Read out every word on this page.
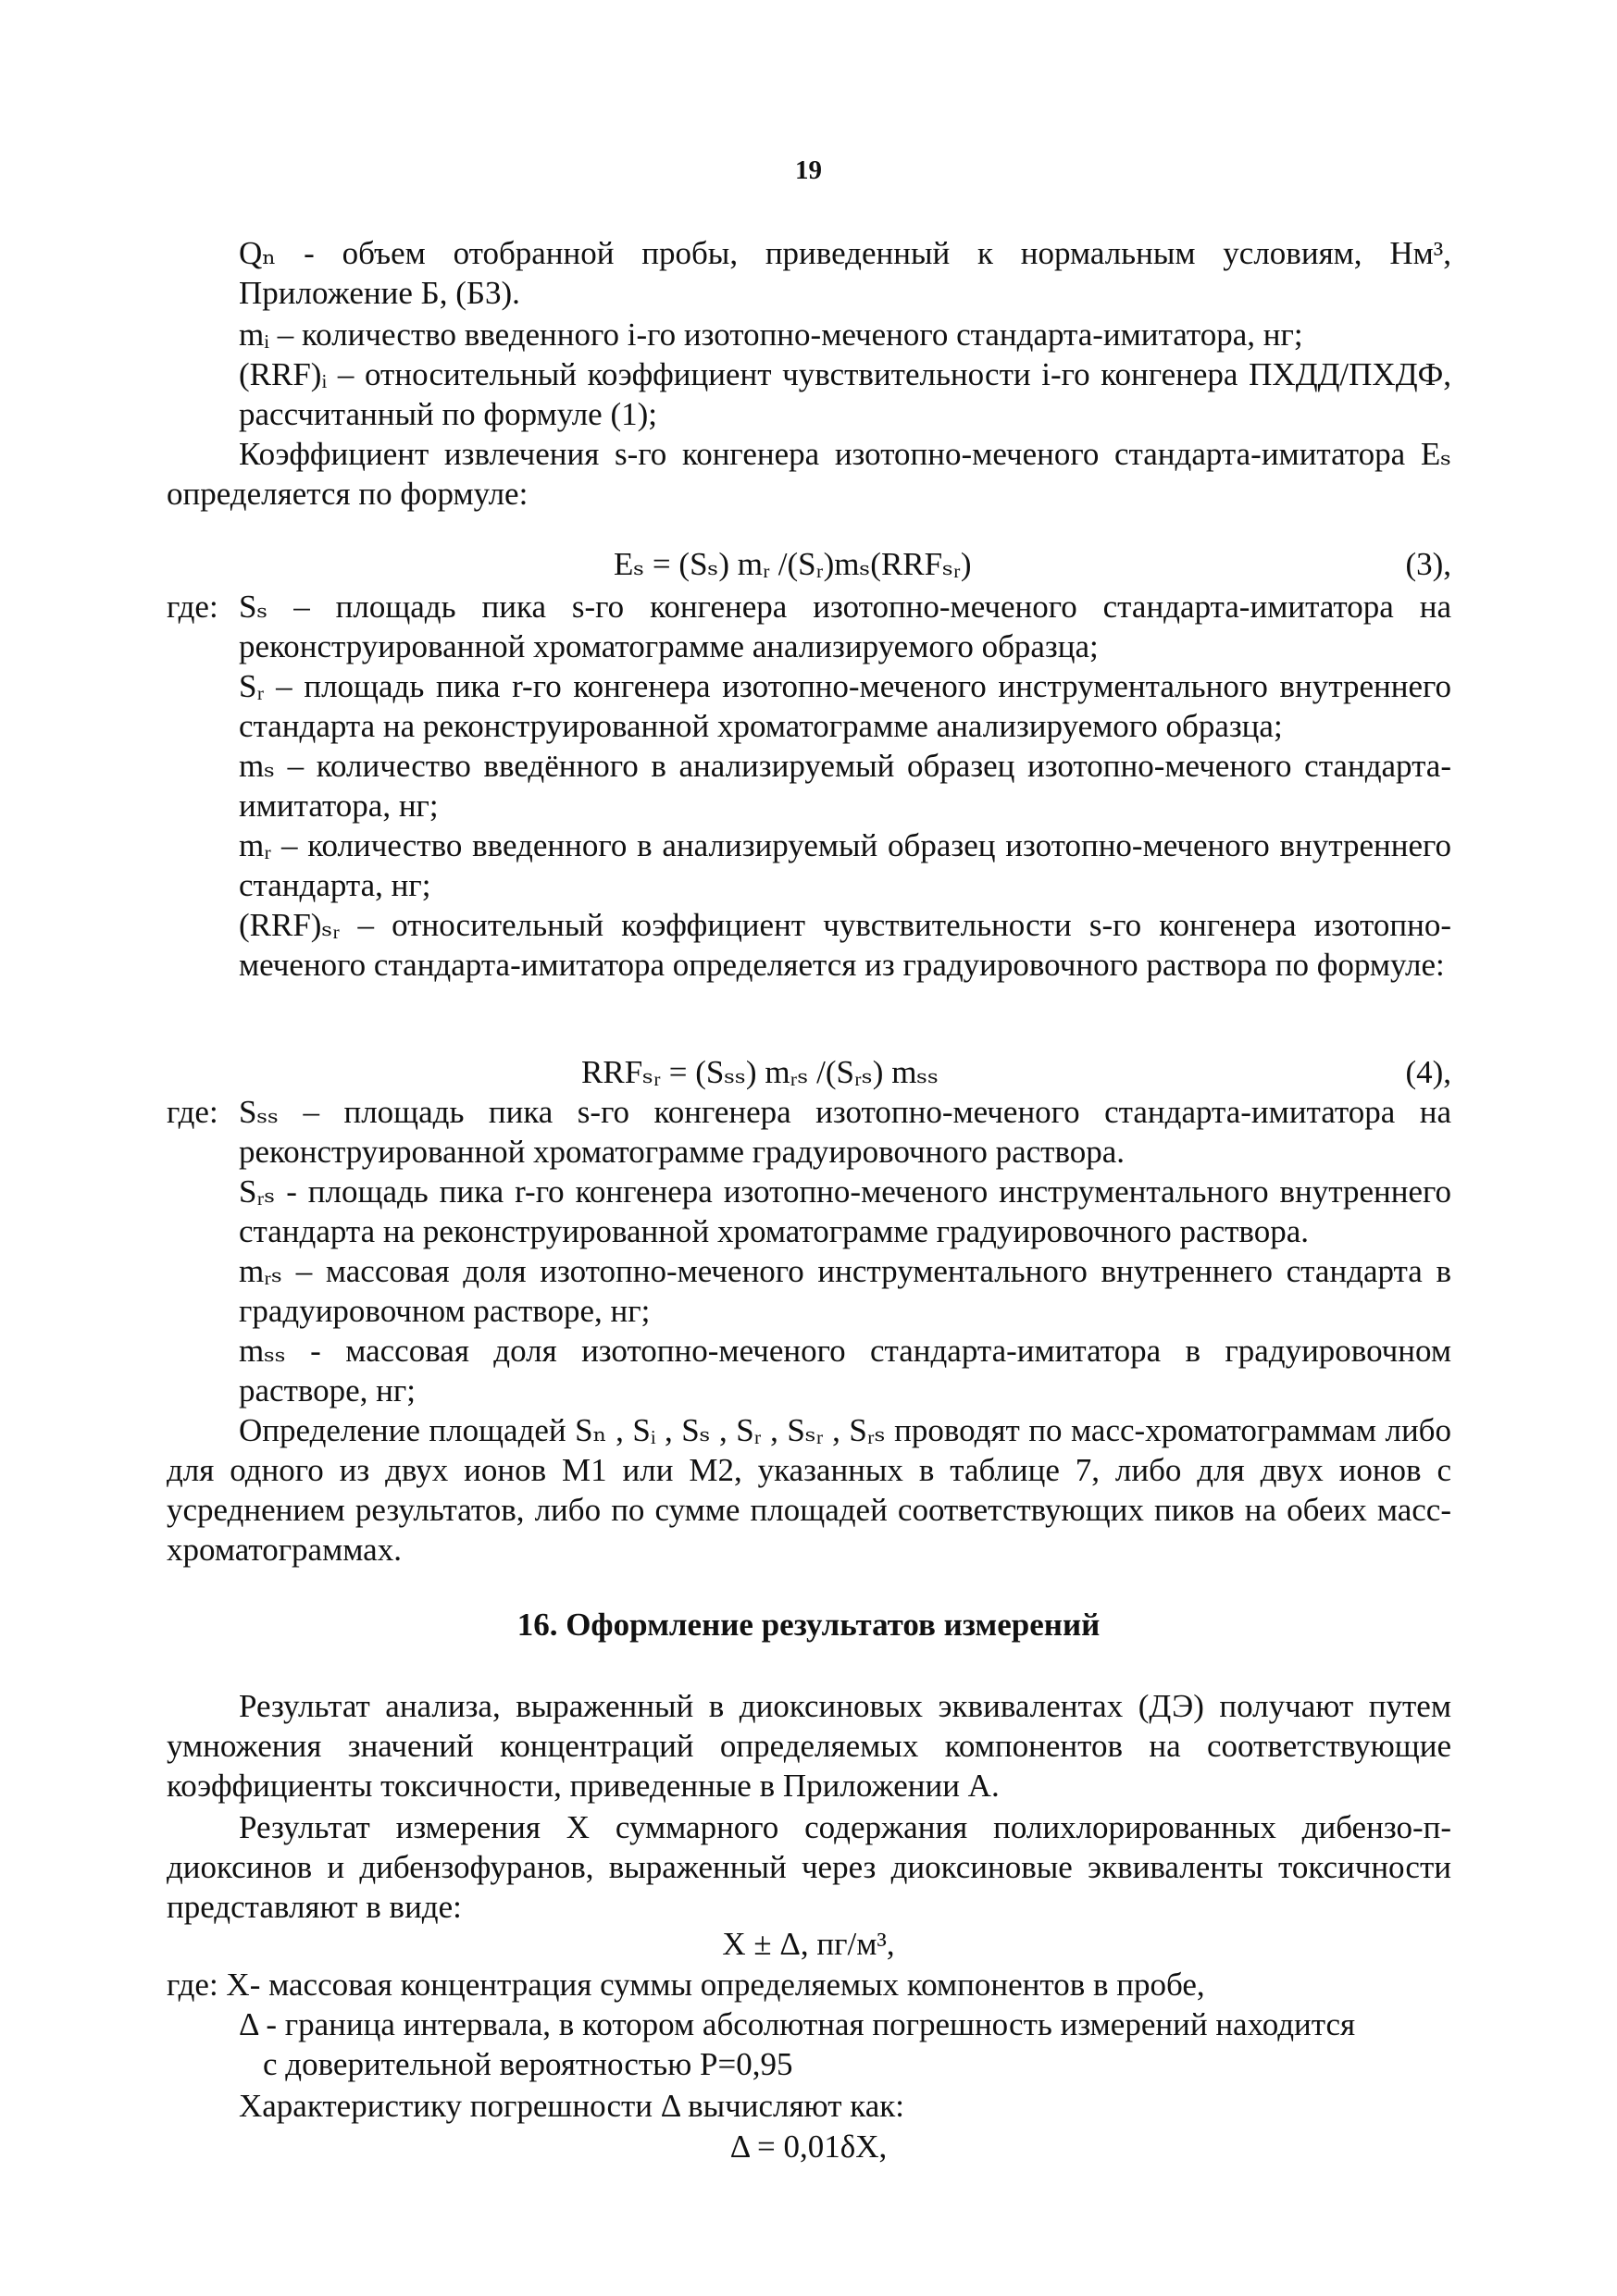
19
Qₙ - объем отобранной пробы, приведенный к нормальным условиям, Нм³, Приложение Б, (Б3).
mᵢ – количество введенного i-го изотопно-меченого стандарта-имитатора, нг;
(RRF)ᵢ – относительный коэффициент чувствительности i-го конгенера ПХДД/ПХДФ, рассчитанный по формуле (1);
Коэффициент извлечения s-го конгенера изотопно-меченого стандарта-имитатора Eₛ определяется по формуле:
Eₛ = (Sₛ) mᵣ /(Sᵣ)mₛ(RRFₛᵣ)	(3),
где: Sₛ – площадь пика s-го конгенера изотопно-меченого стандарта-имитатора на реконструированной хроматограмме анализируемого образца;
Sᵣ – площадь пика r-го конгенера изотопно-меченого инструментального внутреннего стандарта на реконструированной хроматограмме анализируемого образца;
mₛ – количество введённого в анализируемый образец изотопно-меченого стандарта-имитатора, нг;
mᵣ – количество введенного в анализируемый образец изотопно-меченого внутреннего стандарта, нг;
(RRF)ₛᵣ – относительный коэффициент чувствительности s-го конгенера изотопно-меченого стандарта-имитатора определяется из градуировочного раствора по формуле:
RRFₛᵣ = (Sₛₛ) mᵣₛ /(Sᵣₛ) mₛₛ	(4),
где: Sₛₛ – площадь пика s-го конгенера изотопно-меченого стандарта-имитатора на реконструированной хроматограмме градуировочного раствора.
Sᵣₛ - площадь пика r-го конгенера изотопно-меченого инструментального внутреннего стандарта на реконструированной хроматограмме градуировочного раствора.
mᵣₛ – массовая доля изотопно-меченого инструментального внутреннего стандарта в градуировочном растворе, нг;
mₛₛ - массовая доля изотопно-меченого стандарта-имитатора в градуировочном растворе, нг;
Определение площадей Sₙ , Sᵢ , Sₛ , Sᵣ , Sₛᵣ , Sᵣₛ проводят по масс-хроматограммам либо для одного из двух ионов M1 или M2, указанных в таблице 7, либо для двух ионов с усреднением результатов, либо по сумме площадей соответствующих пиков на обеих масс-хроматограммах.
16. Оформление результатов измерений
Результат анализа, выраженный в диоксиновых эквивалентах (ДЭ) получают путем умножения значений концентраций определяемых компонентов на соответствующие коэффициенты токсичности, приведенные в Приложении А.
Результат измерения X суммарного содержания полихлорированных дибензо-п-диоксинов и дибензофуранов, выраженный через диоксиновые эквиваленты токсичности представляют в виде:
X ± Δ, пг/м³,
где: X- массовая концентрация суммы определяемых компонентов в пробе,
Δ - граница интервала, в котором абсолютная погрешность измерений находится
с доверительной вероятностью P=0,95
Характеристику погрешности Δ вычисляют как:
Δ = 0,01δX,
